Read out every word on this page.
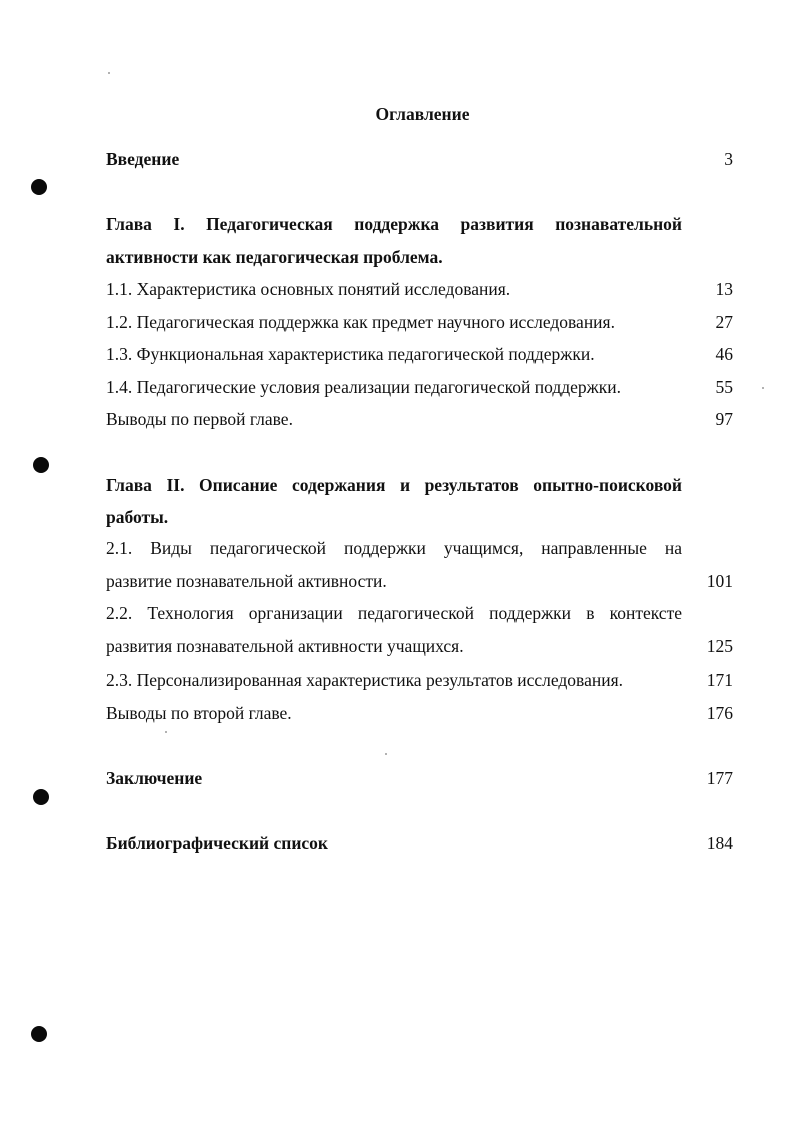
Оглавление
Введение	3
Глава I. Педагогическая поддержка развития познавательной
активности как педагогическая проблема.
1.1. Характеристика основных понятий исследования.	13
1.2. Педагогическая поддержка как предмет научного исследования.	27
1.3. Функциональная характеристика педагогической поддержки.	46
1.4. Педагогические условия реализации педагогической поддержки.	55
Выводы по первой главе.	97
Глава II. Описание содержания и результатов опытно-поисковой
работы.
2.1. Виды педагогической поддержки учащимся, направленные на
развитие познавательной активности.	101
2.2. Технология организации педагогической поддержки в контексте
развития познавательной активности учащихся.	125
2.3. Персонализированная характеристика результатов исследования.	171
Выводы по второй главе.	176
Заключение	177
Библиографический список	184
